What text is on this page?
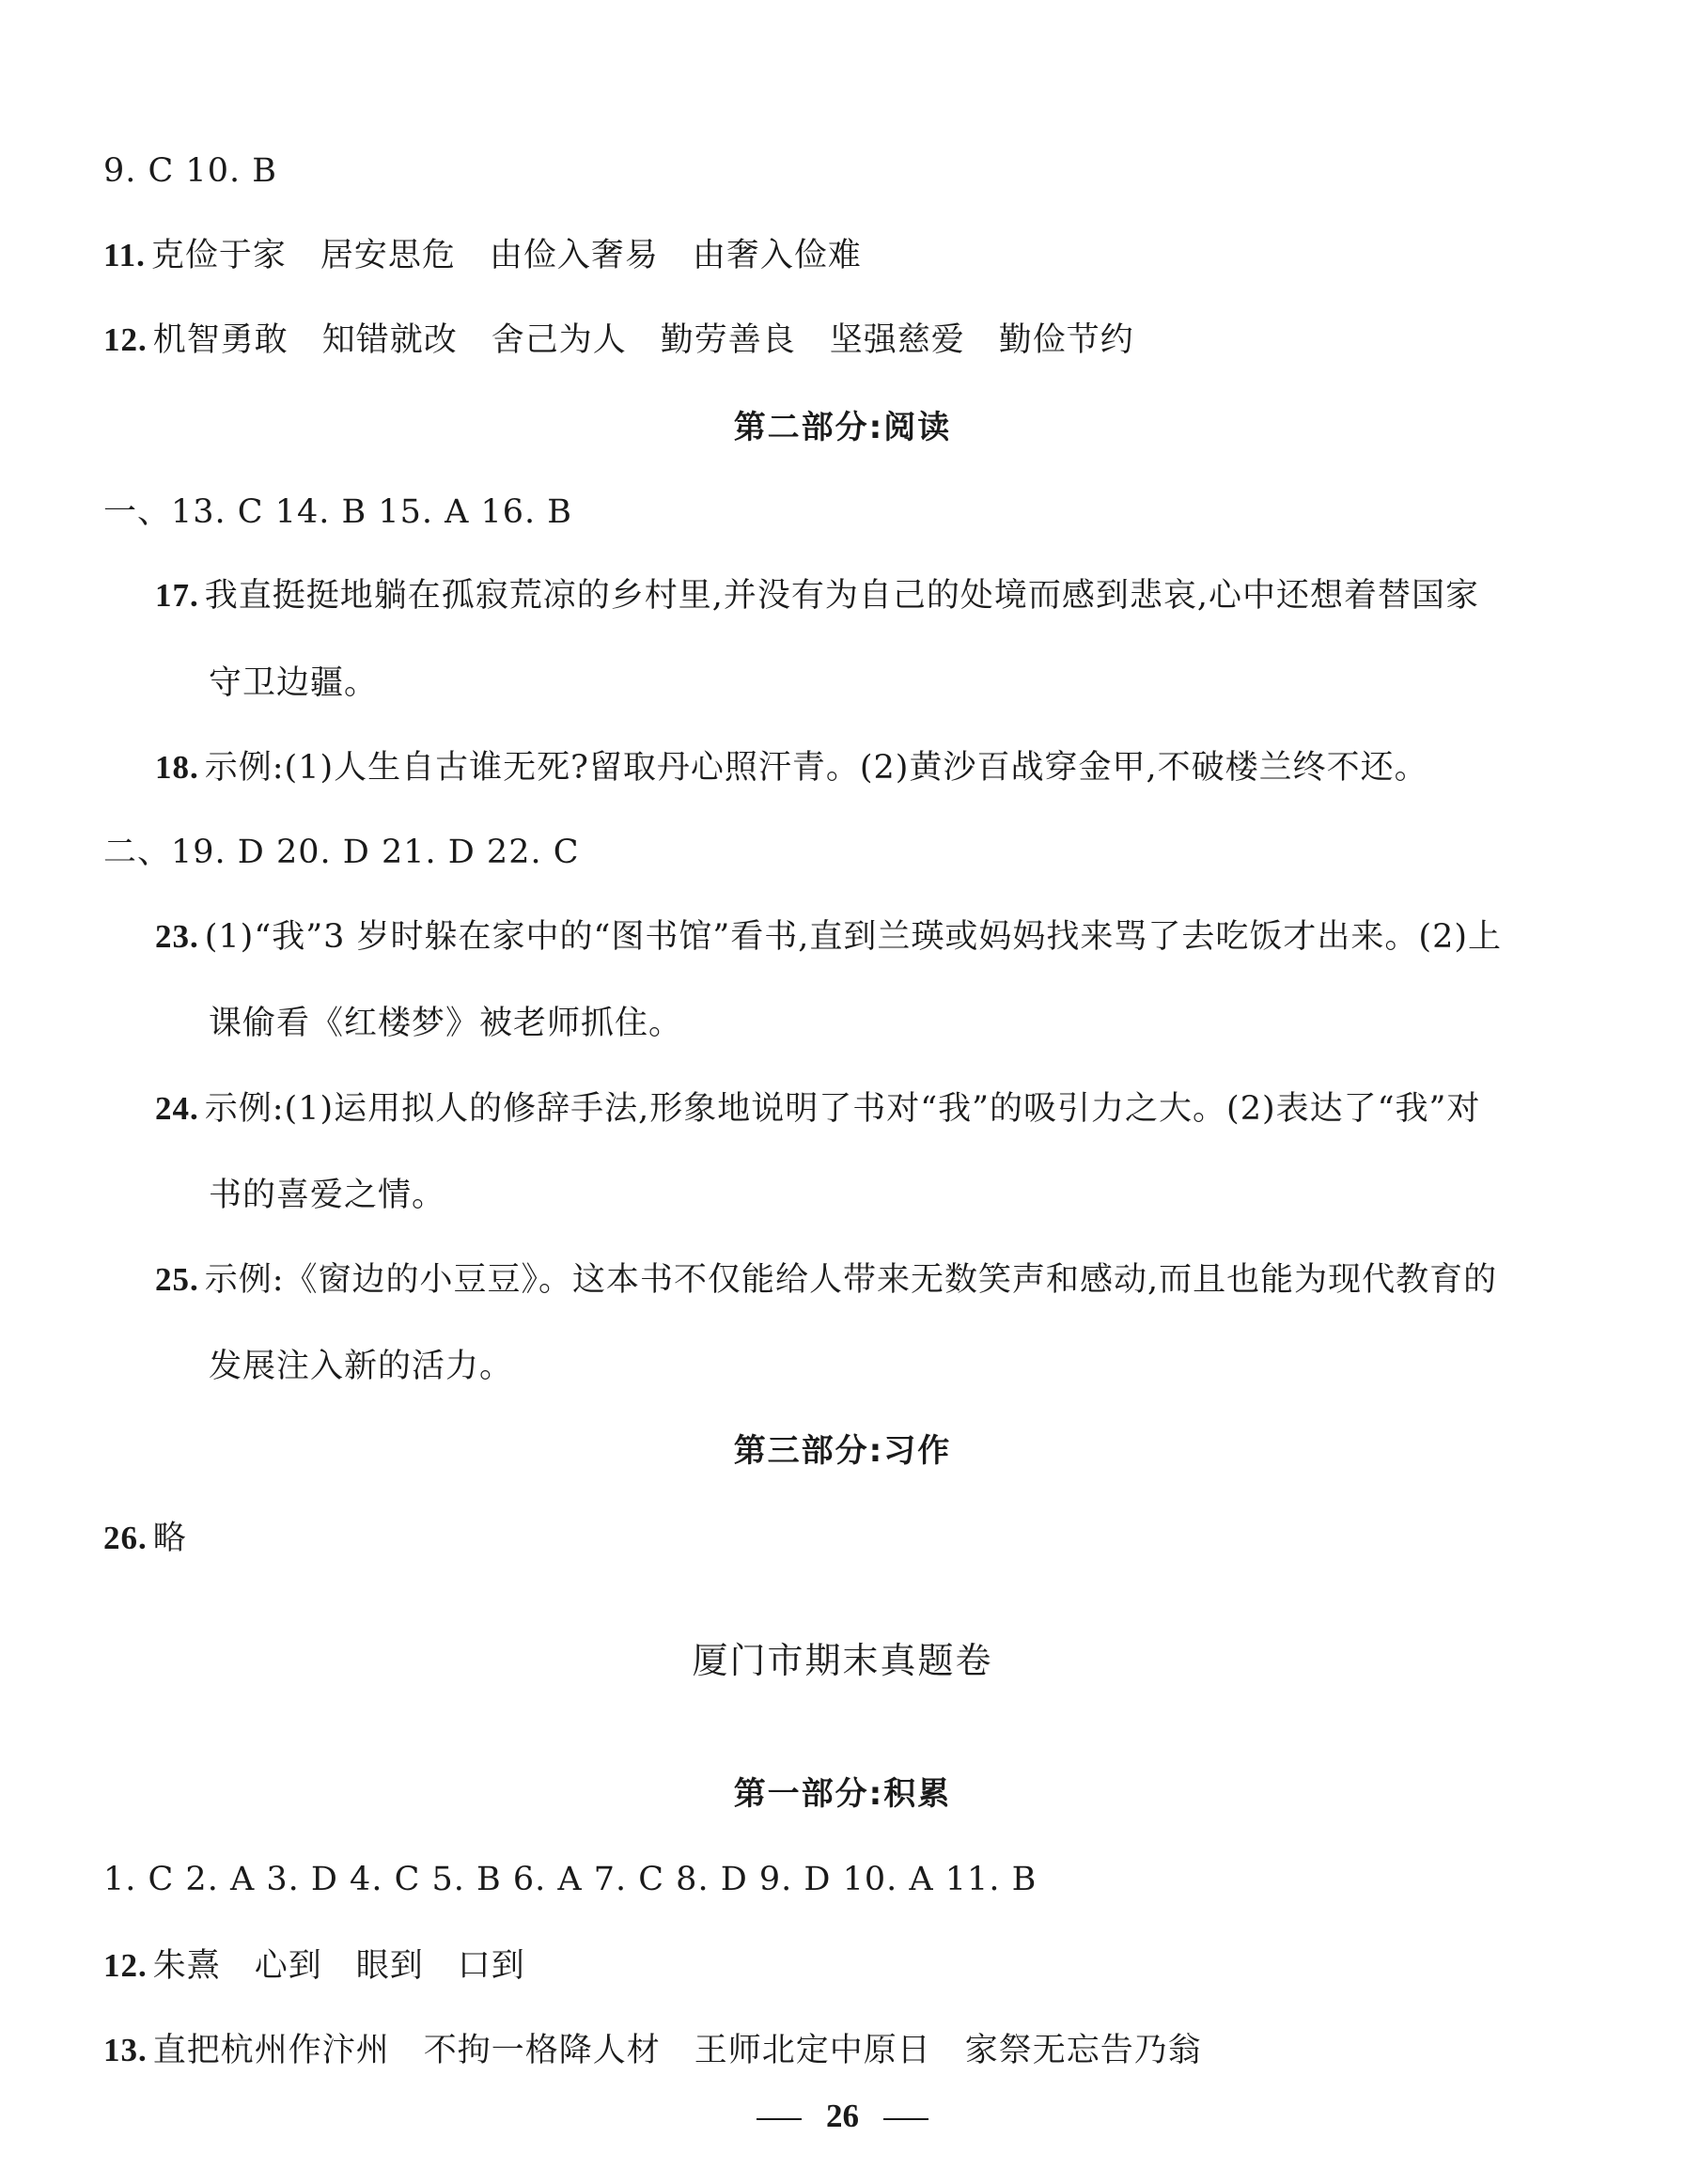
9. C 10. B
11. 克俭于家　居安思危　由俭入奢易　由奢入俭难
12. 机智勇敢　知错就改　舍己为人　勤劳善良　坚强慈爱　勤俭节约
第二部分:阅读
一、13. C 14. B 15. A 16. B
17. 我直挺挺地躺在孤寂荒凉的乡村里,并没有为自己的处境而感到悲哀,心中还想着替国家
守卫边疆。
18. 示例:(1)人生自古谁无死?留取丹心照汗青。(2)黄沙百战穿金甲,不破楼兰终不还。
二、19. D 20. D 21. D 22. C
23. (1)“我”3 岁时躲在家中的“图书馆”看书,直到兰瑛或妈妈找来骂了去吃饭才出来。(2)上
课偷看《红楼梦》被老师抓住。
24. 示例:(1)运用拟人的修辞手法,形象地说明了书对“我”的吸引力之大。(2)表达了“我”对
书的喜爱之情。
25. 示例:《窗边的小豆豆》。这本书不仅能给人带来无数笑声和感动,而且也能为现代教育的
发展注入新的活力。
第三部分:习作
26. 略
厦门市期末真题卷
第一部分:积累
1. C 2. A 3. D 4. C 5. B 6. A 7. C 8. D 9. D 10. A 11. B
12. 朱熹　心到　眼到　口到
13. 直把杭州作汴州　不拘一格降人材　王师北定中原日　家祭无忘告乃翁
26
